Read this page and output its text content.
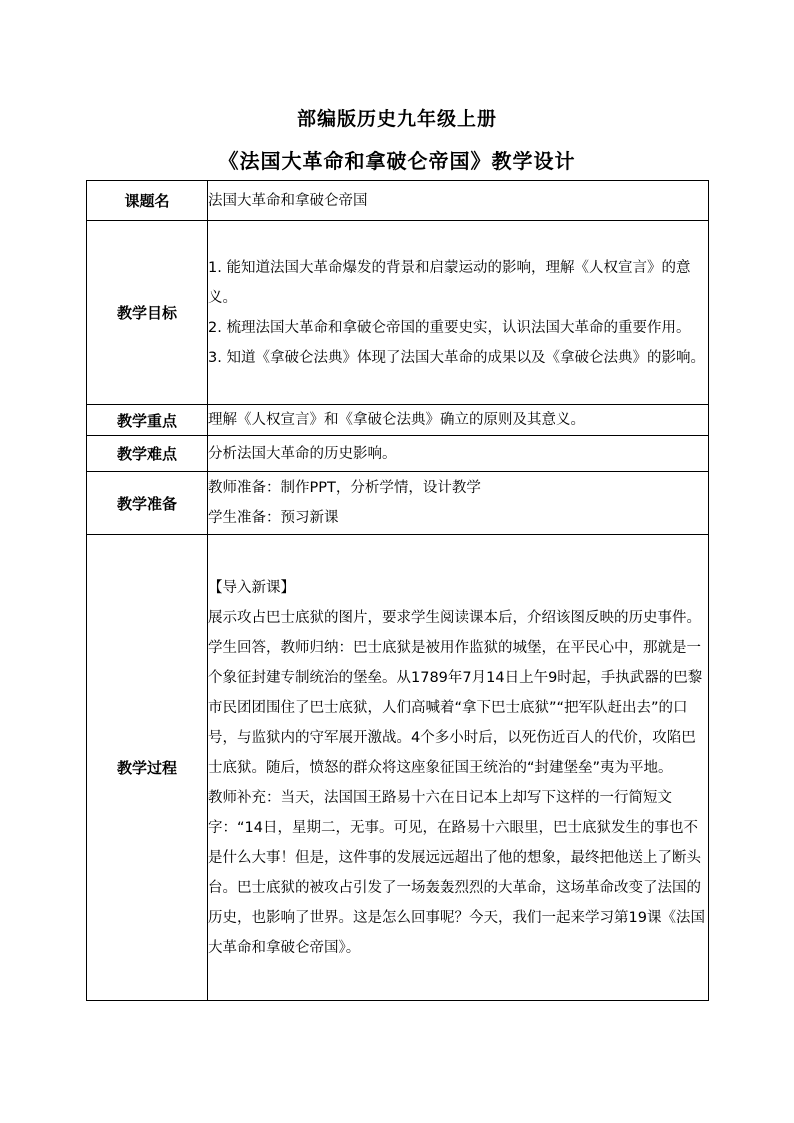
部编版历史九年级上册
《法国大革命和拿破仑帝国》教学设计
课题名	法国大革命和拿破仑帝国
教学目标	1. 能知道法国大革命爆发的背景和启蒙运动的影响，理解《人权宣言》的意义。

2. 梳理法国大革命和拿破仑帝国的重要史实，认识法国大革命的重要作用。

3. 知道《拿破仑法典》体现了法国大革命的成果以及《拿破仑法典》的影响。

教学重点	理解《人权宣言》和《拿破仑法典》确立的原则及其意义。
教学难点	分析法国大革命的历史影响。
教学准备	教师准备：制作PPT，分析学情，设计教学

学生准备：预习新课

教学过程	【导入新课】

展示攻占巴士底狱的图片，要求学生阅读课本后，介绍该图反映的历史事件。

学生回答，教师归纳：巴士底狱是被用作监狱的城堡，在平民心中，那就是一个象征封建专制统治的堡垒。从1789年7月14日上午9时起，手执武器的巴黎市民团团围住了巴士底狱，人们高喊着“拿下巴士底狱”“把军队赶出去”的口号，与监狱内的守军展开激战。4个多小时后，以死伤近百人的代价，攻陷巴士底狱。随后，愤怒的群众将这座象征国王统治的“封建堡垒”夷为平地。

教师补充：当天，法国国王路易十六在日记本上却写下这样的一行简短文字：“14日，星期二，无事。可见，在路易十六眼里，巴士底狱发生的事也不是什么大事！但是，这件事的发展远远超出了他的想象，最终把他送上了断头台。巴士底狱的被攻占引发了一场轰轰烈烈的大革命，这场革命改变了法国的历史，也影响了世界。这是怎么回事呢？今天，我们一起来学习第19课《法国大革命和拿破仑帝国》。
